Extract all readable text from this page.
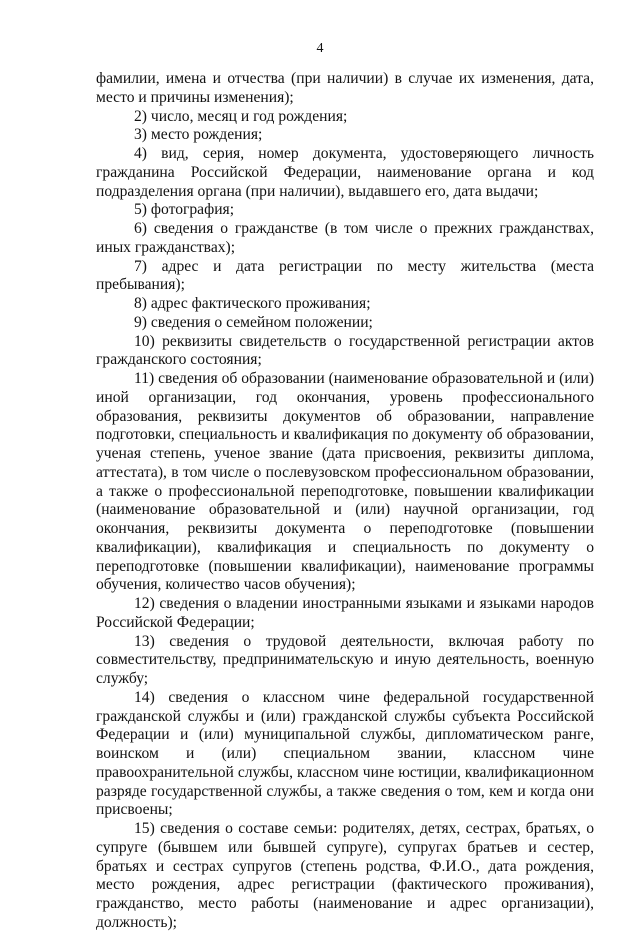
4

фамилии, имена и отчества (при наличии) в случае их изменения, дата, место и причины изменения);

2) число, месяц и год рождения;

3) место рождения;

4) вид, серия, номер документа, удостоверяющего личность гражданина Российской Федерации, наименование органа и код подразделения органа (при наличии), выдавшего его, дата выдачи;

5) фотография;

6) сведения о гражданстве (в том числе о прежних гражданствах, иных гражданствах);

7) адрес и дата регистрации по месту жительства (места пребывания);

8) адрес фактического проживания;

9) сведения о семейном положении;

10) реквизиты свидетельств о государственной регистрации актов гражданского состояния;

11) сведения об образовании (наименование образовательной и (или) иной организации, год окончания, уровень профессионального образования, реквизиты документов об образовании, направление подготовки, специальность и квалификация по документу об образовании, ученая степень, ученое звание (дата присвоения, реквизиты диплома, аттестата), в том числе о послевузовском профессиональном образовании, а также о профессиональной переподготовке, повышении квалификации (наименование образовательной и (или) научной организации, год окончания, реквизиты документа о переподготовке (повышении квалификации), квалификация и специальность по документу о переподготовке (повышении квалификации), наименование программы обучения, количество часов обучения);

12) сведения о владении иностранными языками и языками народов Российской Федерации;

13) сведения о трудовой деятельности, включая работу по совместительству, предпринимательскую и иную деятельность, военную службу;

14) сведения о классном чине федеральной государственной гражданской службы и (или) гражданской службы субъекта Российской Федерации и (или) муниципальной службы, дипломатическом ранге, воинском и (или) специальном звании, классном чине правоохранительной службы, классном чине юстиции, квалификационном разряде государственной службы, а также сведения о том, кем и когда они присвоены;

15) сведения о составе семьи: родителях, детях, сестрах, братьях, о супруге (бывшем или бывшей супруге), супругах братьев и сестер, братьях и сестрах супругов (степень родства, Ф.И.О., дата рождения, место рождения, адрес регистрации (фактического проживания), гражданство, место работы (наименование и адрес организации), должность);
